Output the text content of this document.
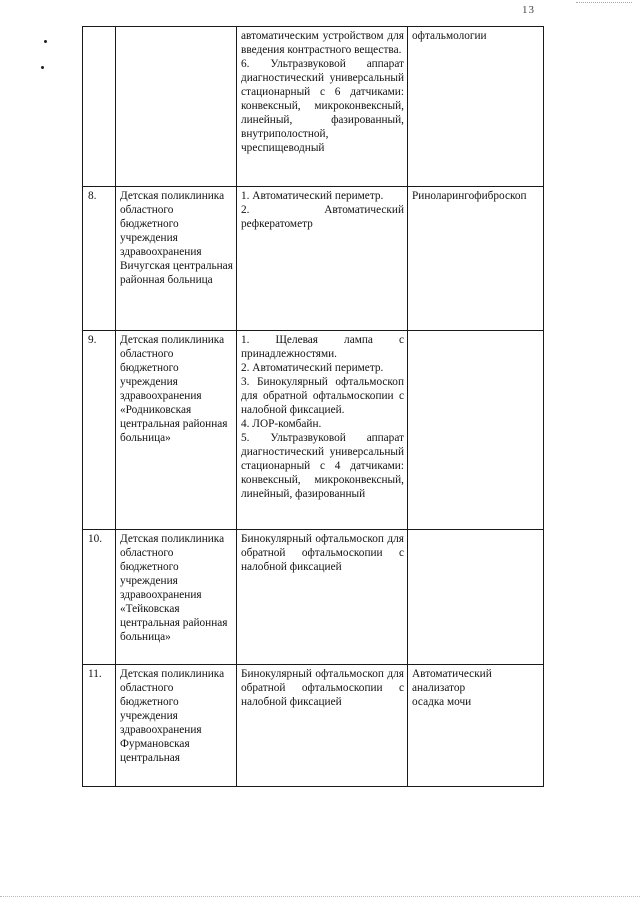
13

		автоматическим устройством для введения контрастного вещества.
6. Ультразвуковой аппарат диагностический универсальный стационарный с 6 датчиками: конвексный, микроконвексный, линейный, фазированный, внутриполостной, чреспищеводный	офтальмологии

8.	Детская поликлиника областного бюджетного учреждения здравоохранения Вичугская центральная районная больница	1. Автоматический периметр.
2. Автоматический рефкератометр	Риноларингофиброскоп

9.	Детская поликлиника областного бюджетного учреждения здравоохранения «Родниковская центральная районная больница»	1. Щелевая лампа с принадлежностями.
2. Автоматический периметр.
3. Бинокулярный офтальмоскоп для обратной офтальмоскопии с налобной фиксацией.
4. ЛОР-комбайн.
5. Ультразвуковой аппарат диагностический универсальный стационарный с 4 датчиками: конвексный, микроконвексный, линейный, фазированный	

10.	Детская поликлиника областного бюджетного учреждения здравоохранения «Тейковская центральная районная больница»	Бинокулярный офтальмоскоп для обратной офтальмоскопии с налобной фиксацией	

11.	Детская поликлиника областного бюджетного учреждения здравоохранения Фурмановская центральная	Бинокулярный офтальмоскоп для обратной офтальмоскопии с налобной фиксацией	Автоматический анализатор
осадка мочи
